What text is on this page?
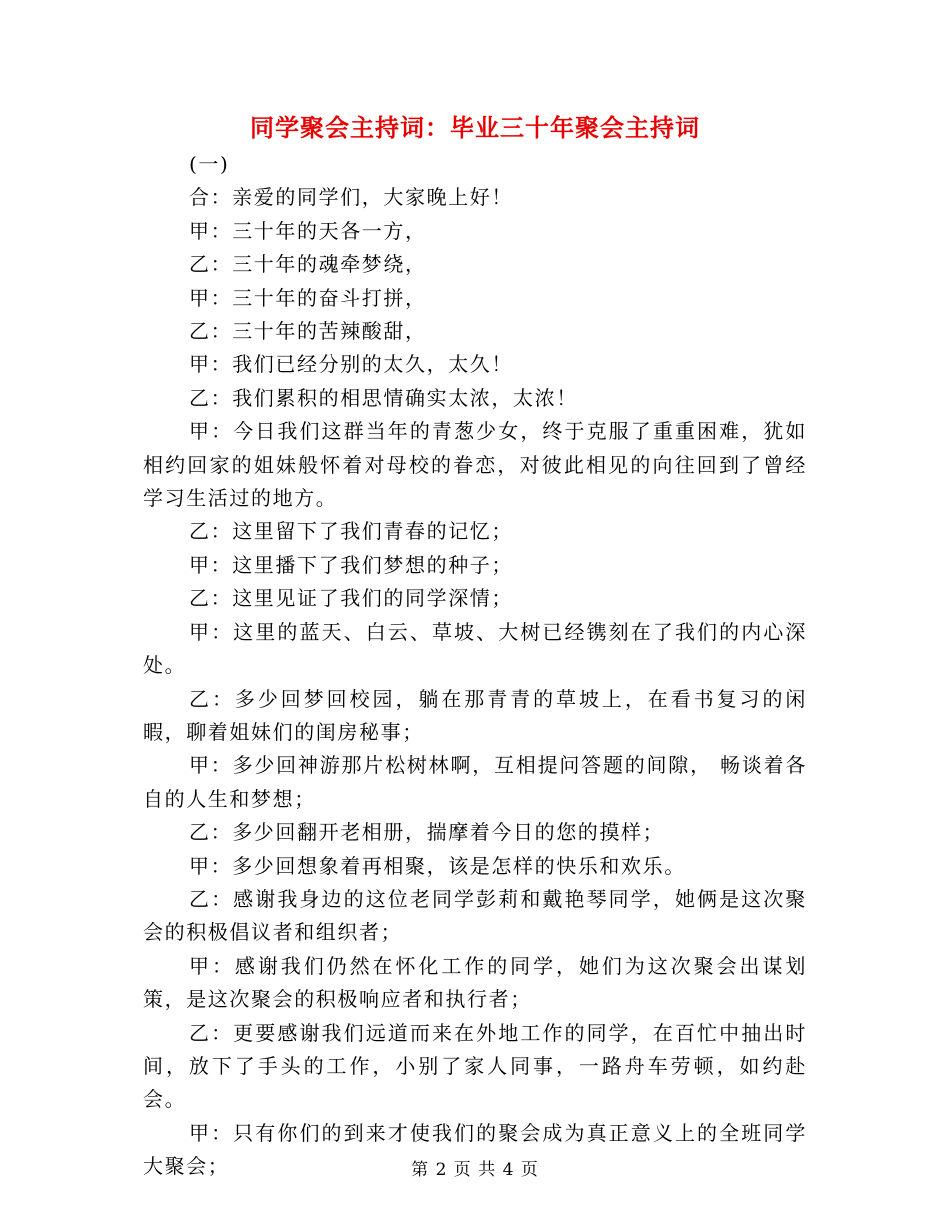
同学聚会主持词：毕业三十年聚会主持词

(一)

合：亲爱的同学们，大家晚上好！

甲：三十年的天各一方，

乙：三十年的魂牵梦绕，

甲：三十年的奋斗打拼，

乙：三十年的苦辣酸甜，

甲：我们已经分别的太久，太久！

乙：我们累积的相思情确实太浓，太浓！

甲：今日我们这群当年的青葱少女，终于克服了重重困难，犹如相约回家的姐妹般怀着对母校的眷恋，对彼此相见的向往回到了曾经学习生活过的地方。

乙：这里留下了我们青春的记忆；

甲：这里播下了我们梦想的种子；

乙：这里见证了我们的同学深情；

甲：这里的蓝天、白云、草坡、大树已经镌刻在了我们的内心深处。

乙：多少回梦回校园，躺在那青青的草坡上，在看书复习的闲暇，聊着姐妹们的闺房秘事；

甲：多少回神游那片松树林啊，互相提问答题的间隙， 畅谈着各自的人生和梦想；

乙：多少回翻开老相册，揣摩着今日的您的摸样；

甲：多少回想象着再相聚，该是怎样的快乐和欢乐。

乙：感谢我身边的这位老同学彭莉和戴艳琴同学，她俩是这次聚会的积极倡议者和组织者；

甲：感谢我们仍然在怀化工作的同学，她们为这次聚会出谋划策，是这次聚会的积极响应者和执行者；

乙：更要感谢我们远道而来在外地工作的同学，在百忙中抽出时间，放下了手头的工作，小别了家人同事，一路舟车劳顿，如约赴会。

甲：只有你们的到来才使我们的聚会成为真正意义上的全班同学大聚会；	第 2 页 共 4 页
